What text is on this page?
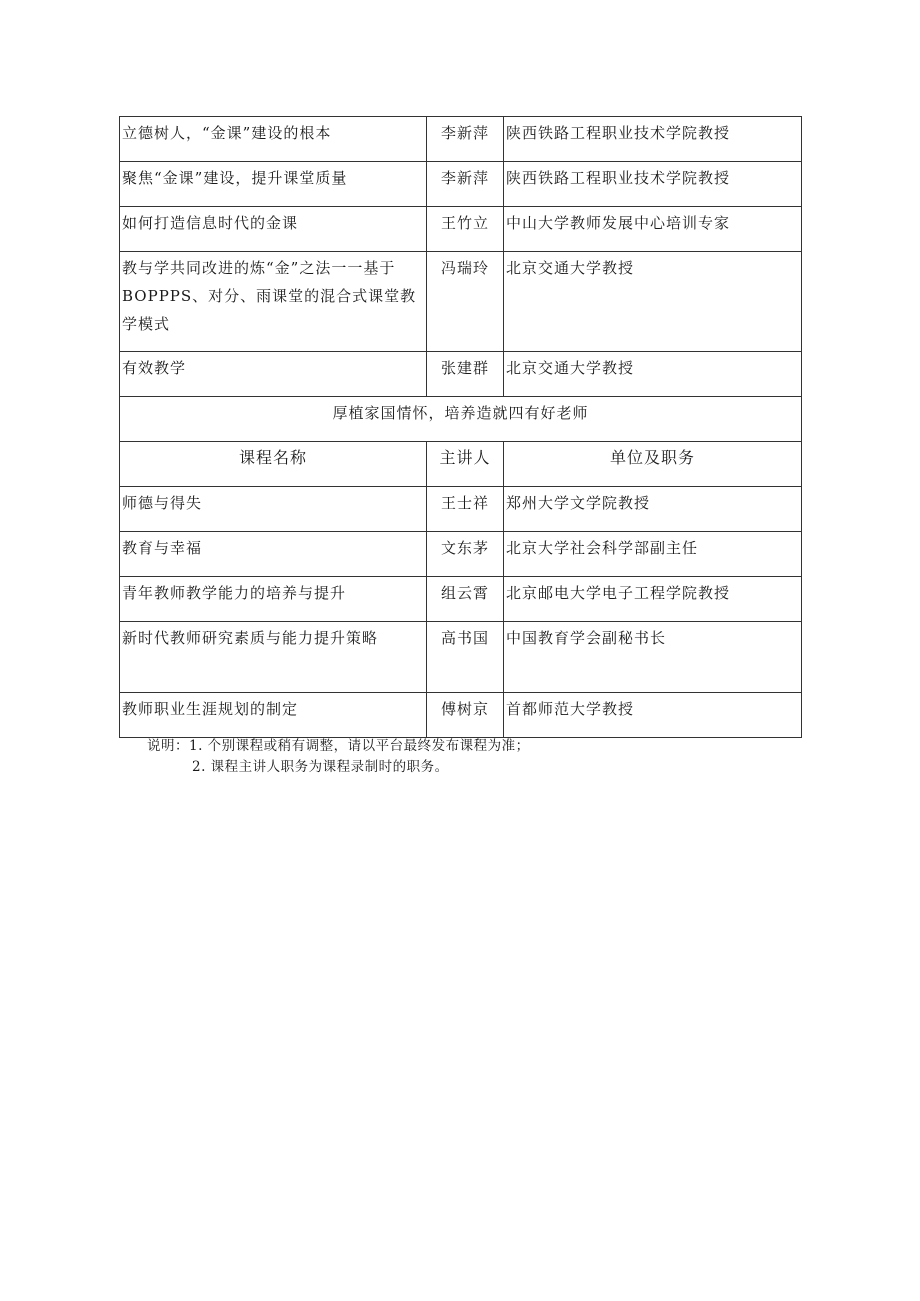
立德树人，“金课”建设的根本	李新萍	陕西铁路工程职业技术学院教授
聚焦“金课”建设，提升课堂质量	李新萍	陕西铁路工程职业技术学院教授
如何打造信息时代的金课	王竹立	中山大学教师发展中心培训专家
教与学共同改进的炼“金”之法一一基于BOPPPS、对分、雨课堂的混合式课堂教学模式	冯瑞玲	北京交通大学教授
有效教学	张建群	北京交通大学教授
厚植家国情怀，培养造就四有好老师		
课程名称	主讲人	单位及职务
师德与得失	王士祥	郑州大学文学院教授
教育与幸福	文东茅	北京大学社会科学部副主任
青年教师教学能力的培养与提升	组云霄	北京邮电大学电子工程学院教授
新时代教师研究素质与能力提升策略	高书国	中国教育学会副秘书长
教师职业生涯规划的制定	傅树京	首都师范大学教授
说明：1. 个别课程或稍有调整，请以平台最终发布课程为准；
2. 课程主讲人职务为课程录制时的职务。
